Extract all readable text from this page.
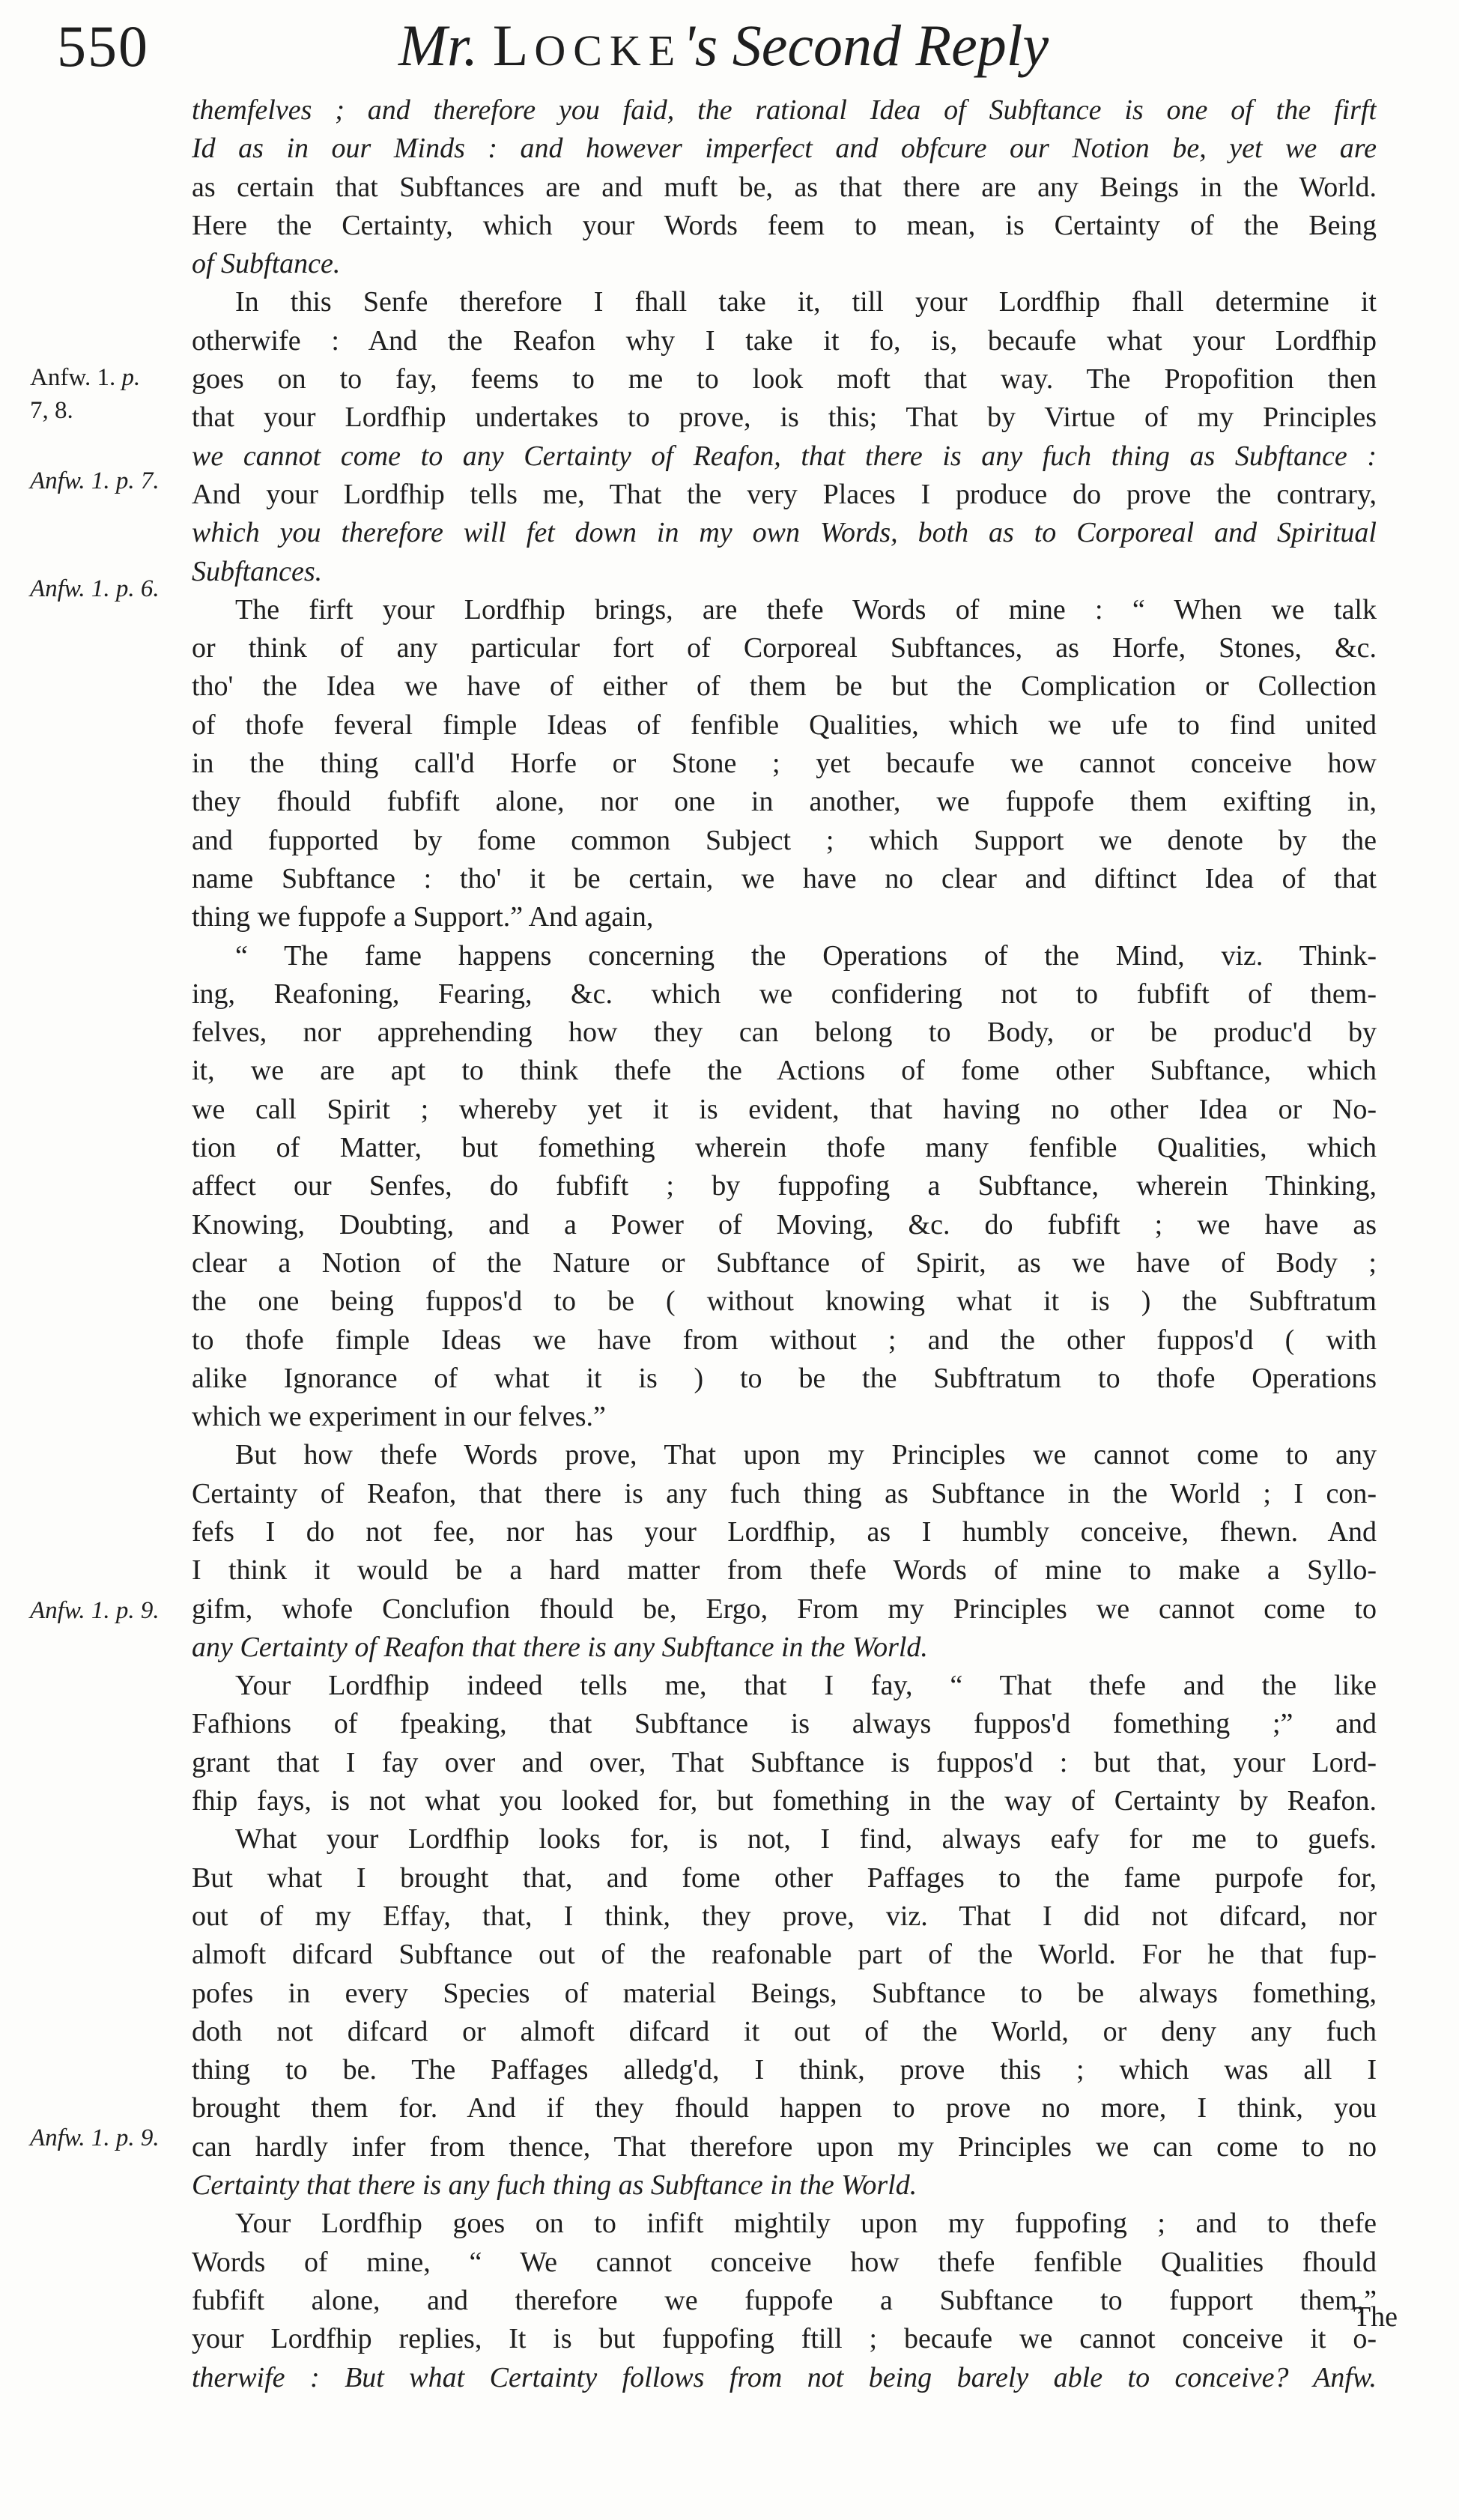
550	Mr. LOCKE's Second Reply
Anfw. 1. p.
7, 8.
Anfw. 1. p. 7.
Anfw. 1. p. 6.
Anfw. 1. p. 9.
Anfw. 1. p. 9.
themfelves ; and therefore you faid, the rational Idea of Subftance is one of the firft
Id as in our Minds : and however imperfect and obfcure our Notion be, yet we are
as certain that Subftances are and muft be, as that there are any Beings in the World.
Here the Certainty, which your Words feem to mean, is Certainty of the Being
of Subftance.
In this Senfe therefore I fhall take it, till your Lordfhip fhall determine it
otherwife : And the Reafon why I take it fo, is, becaufe what your Lordfhip
goes on to fay, feems to me to look moft that way. The Propofition then
that your Lordfhip undertakes to prove, is this; That by Virtue of my Principles
we cannot come to any Certainty of Reafon, that there is any fuch thing as Subftance :
And your Lordfhip tells me, That the very Places I produce do prove the contrary,
which you therefore will fet down in my own Words, both as to Corporeal and Spiritual
Subftances.
The firft your Lordfhip brings, are thefe Words of mine : “ When we talk
or think of any particular fort of Corporeal Subftances, as Horfe, Stones, &c.
tho' the Idea we have of either of them be but the Complication or Collection
of thofe feveral fimple Ideas of fenfible Qualities, which we ufe to find united
in the thing call'd Horfe or Stone ; yet becaufe we cannot conceive how
they fhould fubfift alone, nor one in another, we fuppofe them exifting in,
and fupported by fome common Subject ; which Support we denote by the
name Subftance : tho' it be certain, we have no clear and diftinct Idea of that
thing we fuppofe a Support.” And again,
“ The fame happens concerning the Operations of the Mind, viz. Think-
ing, Reafoning, Fearing, &c. which we confidering not to fubfift of them-
felves, nor apprehending how they can belong to Body, or be produc'd by
it, we are apt to think thefe the Actions of fome other Subftance, which
we call Spirit ; whereby yet it is evident, that having no other Idea or No-
tion of Matter, but fomething wherein thofe many fenfible Qualities, which
affect our Senfes, do fubfift ; by fuppofing a Subftance, wherein Thinking,
Knowing, Doubting, and a Power of Moving, &c. do fubfift ; we have as
clear a Notion of the Nature or Subftance of Spirit, as we have of Body ;
the one being fuppos'd to be ( without knowing what it is ) the Subftratum
to thofe fimple Ideas we have from without ; and the other fuppos'd ( with
alike Ignorance of what it is ) to be the Subftratum to thofe Operations
which we experiment in our felves.”
But how thefe Words prove, That upon my Principles we cannot come to any
Certainty of Reafon, that there is any fuch thing as Subftance in the World ; I con-
fefs I do not fee, nor has your Lordfhip, as I humbly conceive, fhewn. And
I think it would be a hard matter from thefe Words of mine to make a Syllo-
gifm, whofe Conclufion fhould be, Ergo, From my Principles we cannot come to
any Certainty of Reafon that there is any Subftance in the World.
Your Lordfhip indeed tells me, that I fay, “ That thefe and the like
Fafhions of fpeaking, that Subftance is always fuppos'd fomething ;” and
grant that I fay over and over, That Subftance is fuppos'd : but that, your Lord-
fhip fays, is not what you looked for, but fomething in the way of Certainty by Reafon.
What your Lordfhip looks for, is not, I find, always eafy for me to guefs.
But what I brought that, and fome other Paffages to the fame purpofe for,
out of my Effay, that, I think, they prove, viz. That I did not difcard, nor
almoft difcard Subftance out of the reafonable part of the World. For he that fup-
pofes in every Species of material Beings, Subftance to be always fomething,
doth not difcard or almoft difcard it out of the World, or deny any fuch
thing to be. The Paffages alledg'd, I think, prove this ; which was all I
brought them for. And if they fhould happen to prove no more, I think, you
can hardly infer from thence, That therefore upon my Principles we can come to no
Certainty that there is any fuch thing as Subftance in the World.
Your Lordfhip goes on to infift mightily upon my fuppofing ; and to thefe
Words of mine, “ We cannot conceive how thefe fenfible Qualities fhould
fubfift alone, and therefore we fuppofe a Subftance to fupport them,”
your Lordfhip replies, It is but fuppofing ftill ; becaufe we cannot conceive it o-
therwife : But what Certainty follows from not being barely able to conceive? Anfw.
The
